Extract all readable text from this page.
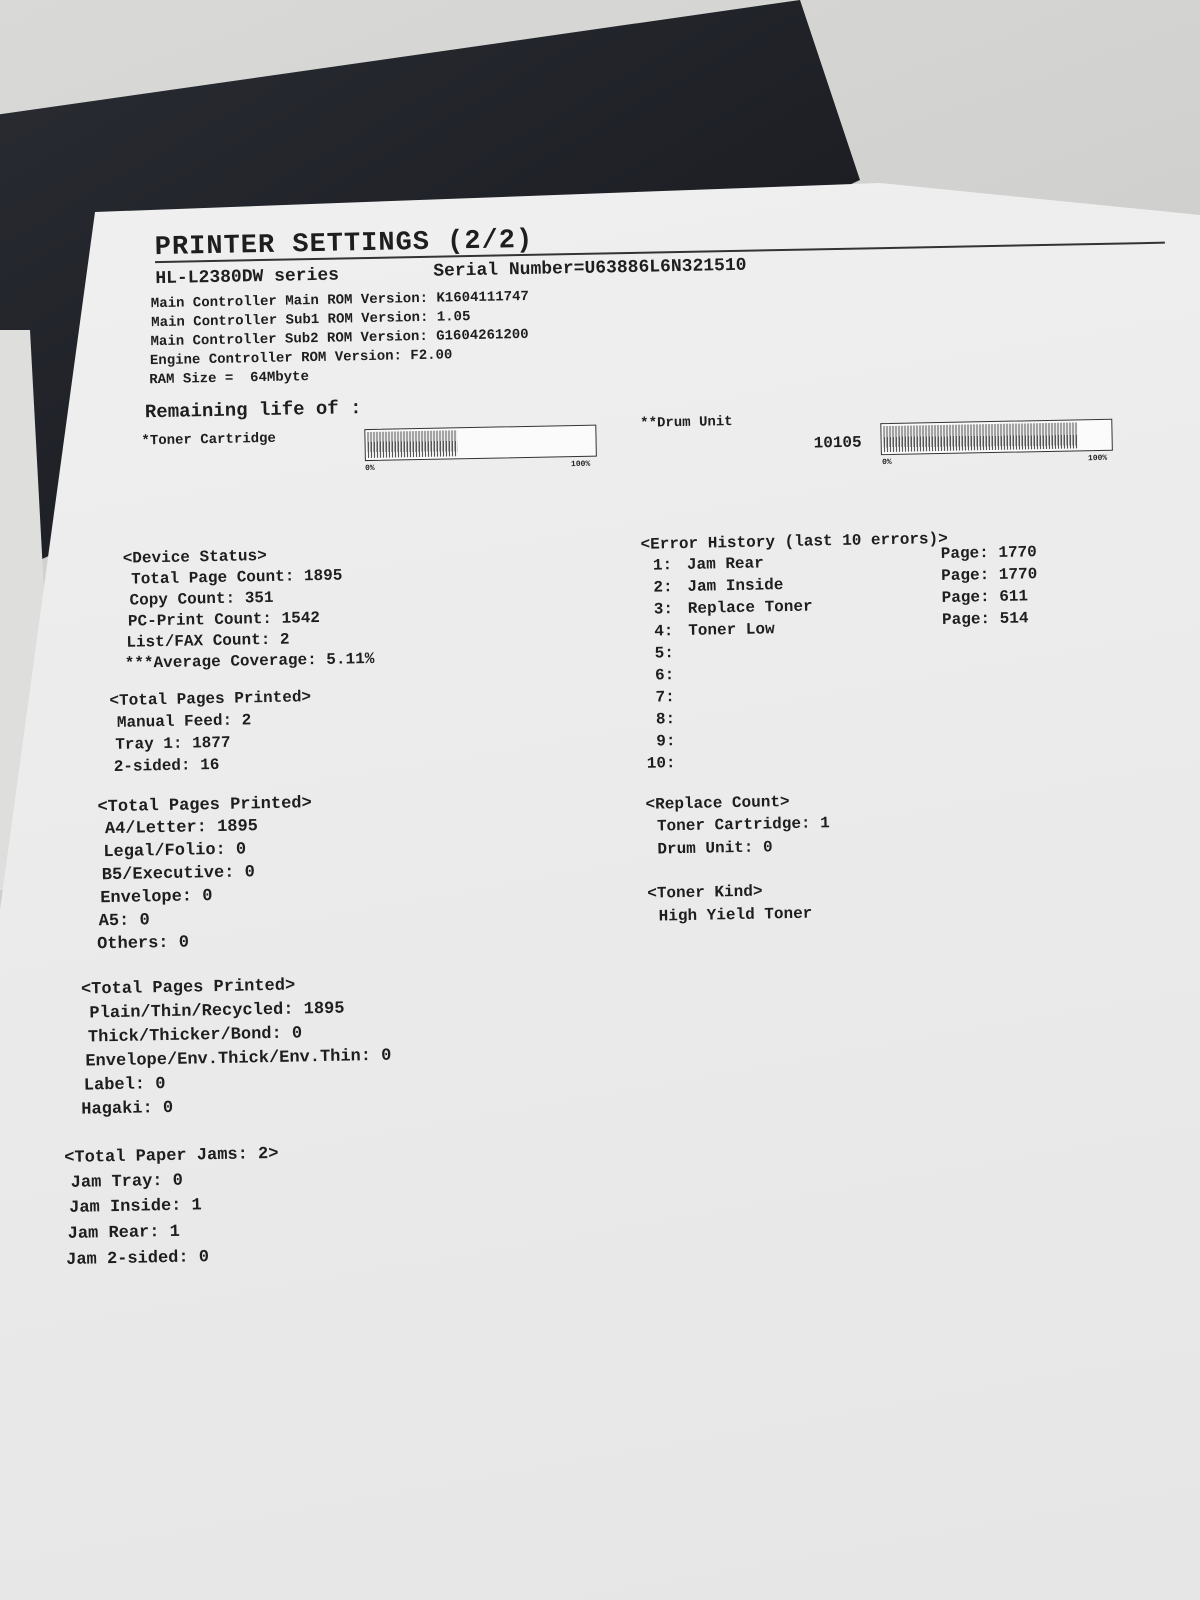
PRINTER SETTINGS (2/2)
HL-L2380DW series	Serial Number=U63886L6N321510
Main Controller Main ROM Version: K1604111747
Main Controller Sub1 ROM Version: 1.05
Main Controller Sub2 ROM Version: G1604261200
Engine Controller ROM Version: F2.00
RAM Size =  64Mbyte
Remaining life of :
*Toner Cartridge
0%	100%
**Drum Unit
10105
0%	100%
<Device Status>
Total Page Count: 1895
Copy Count: 351
PC-Print Count: 1542
List/FAX Count: 2
***Average Coverage: 5.11%
<Total Pages Printed>
Manual Feed: 2
Tray 1: 1877
2-sided: 16
<Total Pages Printed>
A4/Letter: 1895
Legal/Folio: 0
B5/Executive: 0
Envelope: 0
A5: 0
Others: 0
<Total Pages Printed>
Plain/Thin/Recycled: 1895
Thick/Thicker/Bond: 0
Envelope/Env.Thick/Env.Thin: 0
Label: 0
Hagaki: 0
<Total Paper Jams: 2>
Jam Tray: 0
Jam Inside: 1
Jam Rear: 1
Jam 2-sided: 0
<Error History (last 10 errors)>
1: Jam Rear
Page: 1770
2: Jam Inside
Page: 1770
3: Replace Toner
Page: 611
4: Toner Low
Page: 514
5:
6:
7:
8:
9:
10:
<Replace Count>
Toner Cartridge: 1
Drum Unit: 0
<Toner Kind>
High Yield Toner
